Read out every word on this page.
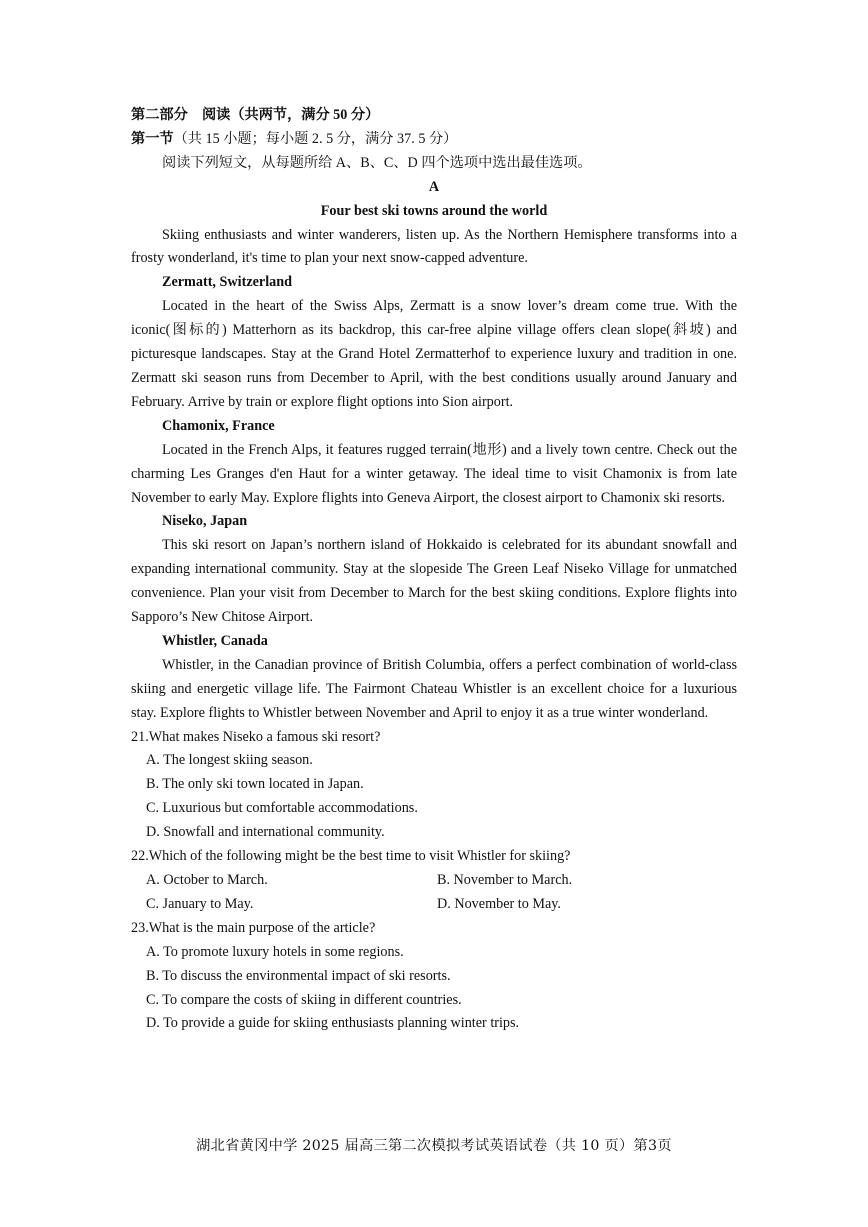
第二部分　阅读（共两节，满分 50 分）

第一节（共 15 小题；每小题 2. 5 分，满分 37. 5 分）

阅读下列短文，从每题所给 A、B、C、D 四个选项中选出最佳选项。

A

Four best ski towns around the world

Skiing enthusiasts and winter wanderers, listen up. As the Northern Hemisphere transforms into a frosty wonderland, it's time to plan your next snow-capped adventure.

Zermatt, Switzerland

Located in the heart of the Swiss Alps, Zermatt is a snow lover’s dream come true. With the iconic(图标的) Matterhorn as its backdrop, this car-free alpine village offers clean slope(斜坡) and picturesque landscapes. Stay at the Grand Hotel Zermatterhof to experience luxury and tradition in one. Zermatt ski season runs from December to April, with the best conditions usually around January and February. Arrive by train or explore flight options into Sion airport.

Chamonix, France

Located in the French Alps, it features rugged terrain(地形) and a lively town centre. Check out the charming Les Granges d'en Haut for a winter getaway. The ideal time to visit Chamonix is from late November to early May. Explore flights into Geneva Airport, the closest airport to Chamonix ski resorts.

Niseko, Japan

This ski resort on Japan’s northern island of Hokkaido is celebrated for its abundant snowfall and expanding international community. Stay at the slopeside The Green Leaf Niseko Village for unmatched convenience. Plan your visit from December to March for the best skiing conditions. Explore flights into Sapporo’s New Chitose Airport.

Whistler, Canada

Whistler, in the Canadian province of British Columbia, offers a perfect combination of world-class skiing and energetic village life. The Fairmont Chateau Whistler is an excellent choice for a luxurious stay. Explore flights to Whistler between November and April to enjoy it as a true winter wonderland.

21.What makes Niseko a famous ski resort?

A. The longest skiing season.

B. The only ski town located in Japan.

C. Luxurious but comfortable accommodations.

D. Snowfall and international community.

22.Which of the following might be the best time to visit Whistler for skiing?

A. October to March.	B. November to March.
C. January to May.	D. November to May.

23.What is the main purpose of the article?

A. To promote luxury hotels in some regions.

B. To discuss the environmental impact of ski resorts.

C. To compare the costs of skiing in different countries.

D. To provide a guide for skiing enthusiasts planning winter trips.

湖北省黄冈中学 2025 届高三第二次模拟考试英语试卷（共 10 页）第3页
